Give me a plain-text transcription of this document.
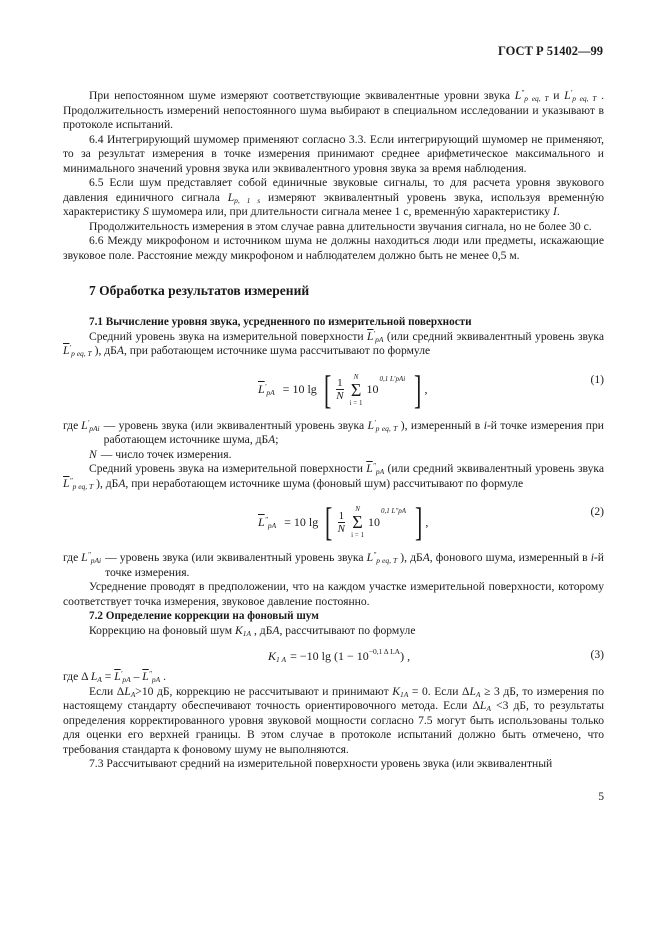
ГОСТ Р 51402—99
При непостоянном шуме измеряют соответствующие эквивалентные уровни звука $L''_{p eq, T}$ и $L'_{p eq, T}$ . Продолжительность измерений непостоянного шума выбирают в специальном исследовании и указывают в протоколе испытаний.
6.4 Интегрирующий шумомер применяют согласно 3.3. Если интегрирующий шумомер не применяют, то за результат измерения в точке измерения принимают среднее арифметическое максимального и минимального значений уровня звука или эквивалентного уровня звука за время наблюдения.
6.5 Если шум представляет собой единичные звуковые сигналы, то для расчета уровня звукового давления единичного сигнала $L_{p, 1 s}$ измеряют эквивалентный уровень звука, используя временнýю характеристику S шумомера или, при длительности сигнала менее 1 с, временнýю характеристику I.
Продолжительность измерения в этом случае равна длительности звучания сигнала, но не более 30 с.
6.6 Между микрофоном и источником шума не должны находиться люди или предметы, искажающие звуковое поле. Расстояние между микрофоном и наблюдателем должно быть не менее 0,5 м.
7 Обработка результатов измерений
7.1 Вычисление уровня звука, усредненного по измерительной поверхности
Средний уровень звука на измерительной поверхности $\overline{L}'_{pA}$ (или средний эквивалентный уровень звука $\overline{L}'_{p eq, T}$ ), дБA, при работающем источнике шума рассчитывают по формуле
$\overline{L}'_{pA} = 10$ lg [ $\frac{1}{N}$
N
Σ
i = 1
10
0,1 L′pAi ] ,
(1)
где $L'_{pAi}$ — уровень звука (или эквивалентный уровень звука $L'_{p eq, T}$ ), измеренный в i-й точке измерения при работающем источнике шума, дБA;
N — число точек измерения.
Средний уровень звука на измерительной поверхности $\overline{L}''_{pA}$ (или средний эквивалентный уровень звука $\overline{L}''_{p eq, T}$ ), дБA, при неработающем источнике шума (фоновый шум) рассчитывают по формуле
$\overline{L}''_{pA} = 10$ lg [ $\frac{1}{N}$
N
Σ
i = 1
10
0,1 L″pA ] ,
(2)
где $L''_{pAi}$ — уровень звука (или эквивалентный уровень звука $L''_{p eq, T}$ ), дБA, фонового шума, измеренный в i-й точке измерения.
Усреднение проводят в предположении, что на каждом участке измерительной поверхности, которому соответствует точка измерения, звуковое давление постоянно.
7.2 Определение коррекции на фоновый шум
Коррекцию на фоновый шум $K_{1A}$ , дБA, рассчитывают по формуле
$K_{1 A} = -10$ lg (1 − 10 −0,1 Δ LA ) ,	(3)
где Δ $L_A = \overline{L}'_{pA} - \overline{L}''_{pA}$ .
Если $\Delta L_A>10$ дБ, коррекцию не рассчитывают и принимают $K_{1A} = 0$. Если $\Delta L_A \ge 3$ дБ, то измерения по настоящему стандарту обеспечивают точность ориентировочного метода. Если $\Delta L_A <3$ дБ, то результаты определения корректированного уровня звуковой мощности согласно 7.5 могут быть использованы только для оценки его верхней границы. В этом случае в протоколе испытаний должно быть отмечено, что требования стандарта к фоновому шуму не выполняются.
7.3 Рассчитывают средний на измерительной поверхности уровень звука (или эквивалентный
5
